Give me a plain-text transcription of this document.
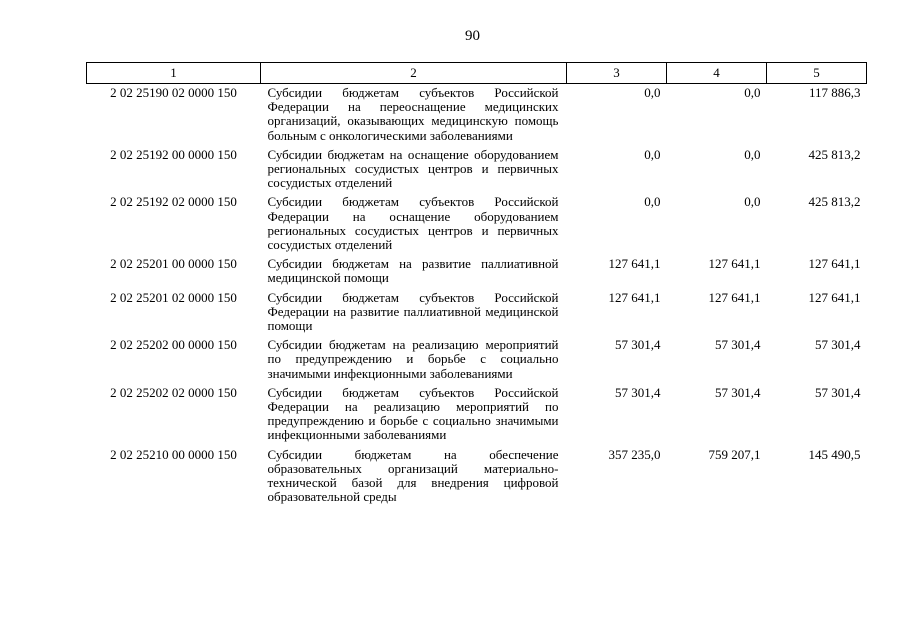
90
1	2	3	4	5
2 02 25190 02 0000 150	Субсидии бюджетам субъектов Российской Федерации на переоснащение медицинских организаций, оказывающих медицинскую помощь больным с онкологическими заболеваниями	0,0	0,0	117 886,3
2 02 25192 00 0000 150	Субсидии бюджетам на оснащение оборудованием региональных сосудистых центров и первичных сосудистых отделений	0,0	0,0	425 813,2
2 02 25192 02 0000 150	Субсидии бюджетам субъектов Российской Федерации на оснащение оборудованием региональных сосудистых центров и первичных сосудистых отделений	0,0	0,0	425 813,2
2 02 25201 00 0000 150	Субсидии бюджетам на развитие паллиативной медицинской помощи	127 641,1	127 641,1	127 641,1
2 02 25201 02 0000 150	Субсидии бюджетам субъектов Российской Федерации на развитие паллиативной медицинской помощи	127 641,1	127 641,1	127 641,1
2 02 25202 00 0000 150	Субсидии бюджетам на реализацию мероприятий по предупреждению и борьбе с социально значимыми инфекционными заболеваниями	57 301,4	57 301,4	57 301,4
2 02 25202 02 0000 150	Субсидии бюджетам субъектов Российской Федерации на реализацию мероприятий по предупреждению и борьбе с социально значимыми инфекционными заболеваниями	57 301,4	57 301,4	57 301,4
2 02 25210 00 0000 150	Субсидии бюджетам на обеспечение образовательных организаций материально-технической базой для внедрения цифровой образовательной среды	357 235,0	759 207,1	145 490,5
